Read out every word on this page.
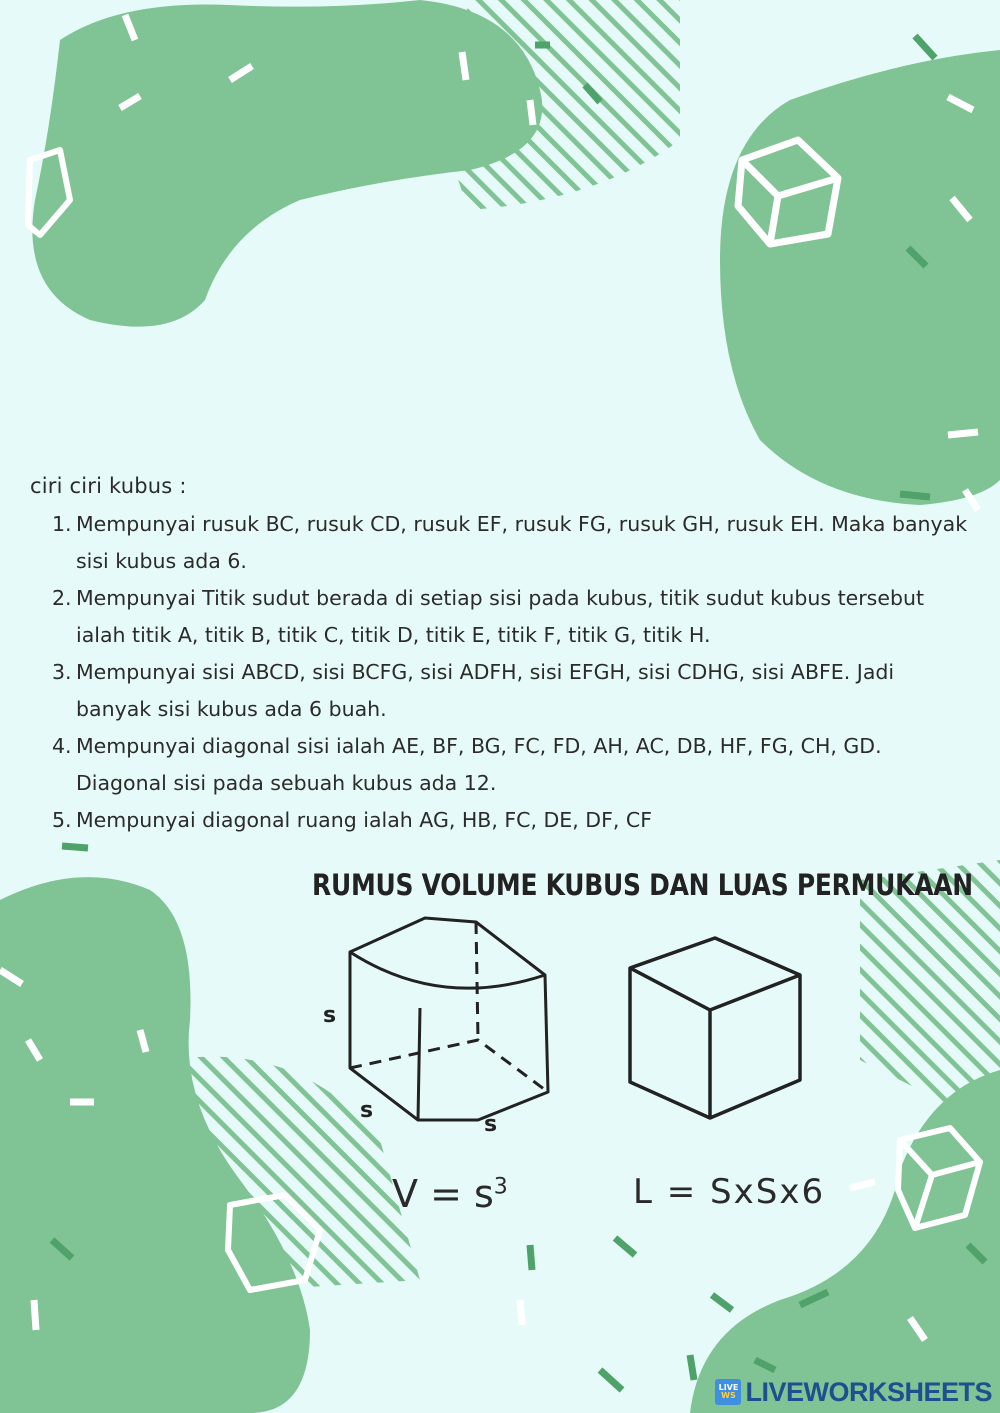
ciri ciri kubus :
1. Mempunyai rusuk BC, rusuk CD, rusuk EF, rusuk FG, rusuk GH, rusuk EH. Maka banyak sisi kubus ada 6.
2. Mempunyai Titik sudut berada di setiap sisi pada kubus, titik sudut kubus tersebut ialah titik A, titik B, titik C, titik D, titik E, titik F, titik G, titik H.
3. Mempunyai sisi ABCD, sisi BCFG, sisi ADFH, sisi EFGH, sisi CDHG, sisi ABFE. Jadi banyak sisi kubus ada 6 buah.
4. Mempunyai diagonal sisi ialah AE, BF, BG, FC, FD, AH, AC, DB, HF, FG, CH, GD. Diagonal sisi pada sebuah kubus ada 12.
5. Mempunyai diagonal ruang ialah AG, HB, FC, DE, DF, CF
RUMUS VOLUME KUBUS DAN LUAS PERMUKAAN
s
s
s
$V = s^3$	L = SxSx6
LIVE
WS LIVEWORKSHEETS
